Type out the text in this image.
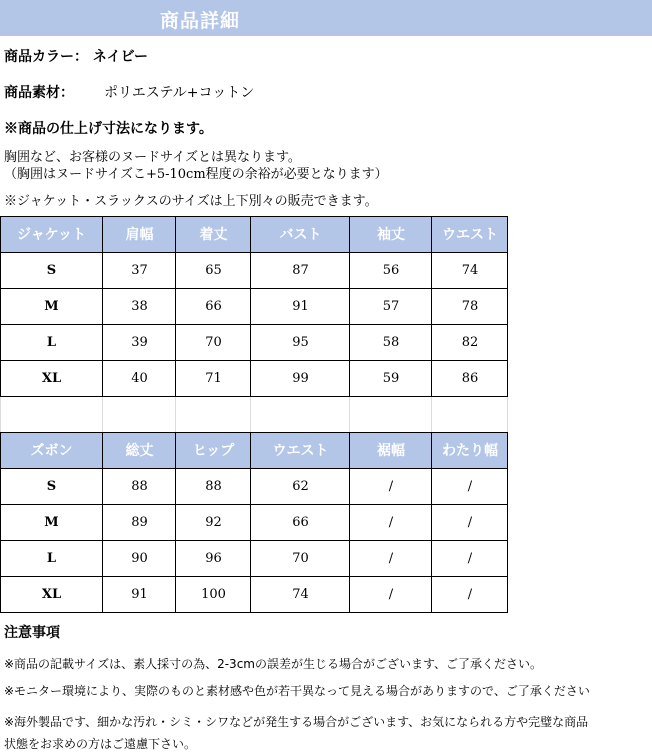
商品詳細
商品カラー： ネイビー
商品素材： ポリエステル+コットン
※商品の仕上げ寸法になります。
胸囲など、お客様のヌードサイズとは異なります。
（胸囲はヌードサイズこ+5-10cm程度の余裕が必要となります）
※ジャケット・スラックスのサイズは上下別々の販売できます。
ジャケット	肩幅	着丈	バスト	袖丈	ウエスト
S	37	65	87	56	74
M	38	66	91	57	78
L	39	70	95	58	82
XL	40	71	99	59	86
ズボン	総丈	ヒップ	ウエスト	裾幅	わたり幅
S	88	88	62	/	/
M	89	92	66	/	/
L	90	96	70	/	/
XL	91	100	74	/	/
注意事項
※商品の記載サイズは、素人採寸の為、2-3cmの誤差が生じる場合がございます、ご了承ください。
※モニター環境により、実際のものと素材感や色が若干異なって見える場合がありますので、ご了承ください
※海外製品です、細かな汚れ・シミ・シワなどが発生する場合がございます、お気になられる方や完璧な商品
状態をお求めの方はご遠慮下さい。
